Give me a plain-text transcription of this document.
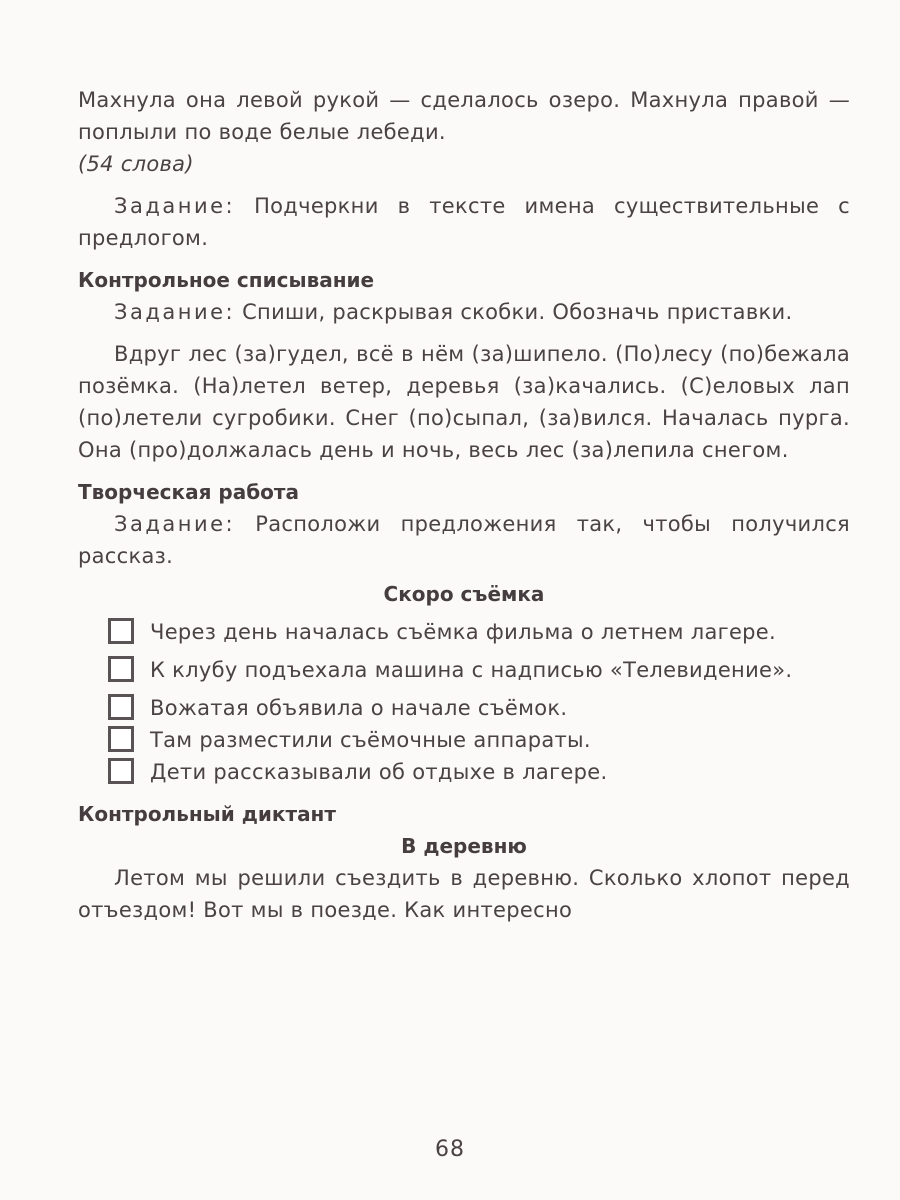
Махнула она левой рукой — сделалось озеро. Махнула правой — поплыли по воде белые лебеди.
(54 слова)

Задание: Подчеркни в тексте имена существительные с предлогом.

Контрольное списывание

Задание: Спиши, раскрывая скобки. Обозначь приставки.

Вдруг лес (за)гудел, всё в нём (за)шипело. (По)лесу (по)бежала позёмка. (На)летел ветер, деревья (за)качались. (С)еловых лап (по)летели сугробики. Снег (по)сыпал, (за)вился. Началась пурга. Она (про)должалась день и ночь, весь лес (за)лепила снегом.

Творческая работа

Задание: Расположи предложения так, чтобы получился рассказ.

Скоро съёмка

Через день началась съёмка фильма о летнем лагере.

К клубу подъехала машина с надписью «Телевидение».

Вожатая объявила о начале съёмок.

Там разместили съёмочные аппараты.

Дети рассказывали об отдыхе в лагере.

Контрольный диктант
В деревню

Летом мы решили съездить в деревню. Сколько хлопот перед отъездом! Вот мы в поезде. Как интересно

68
